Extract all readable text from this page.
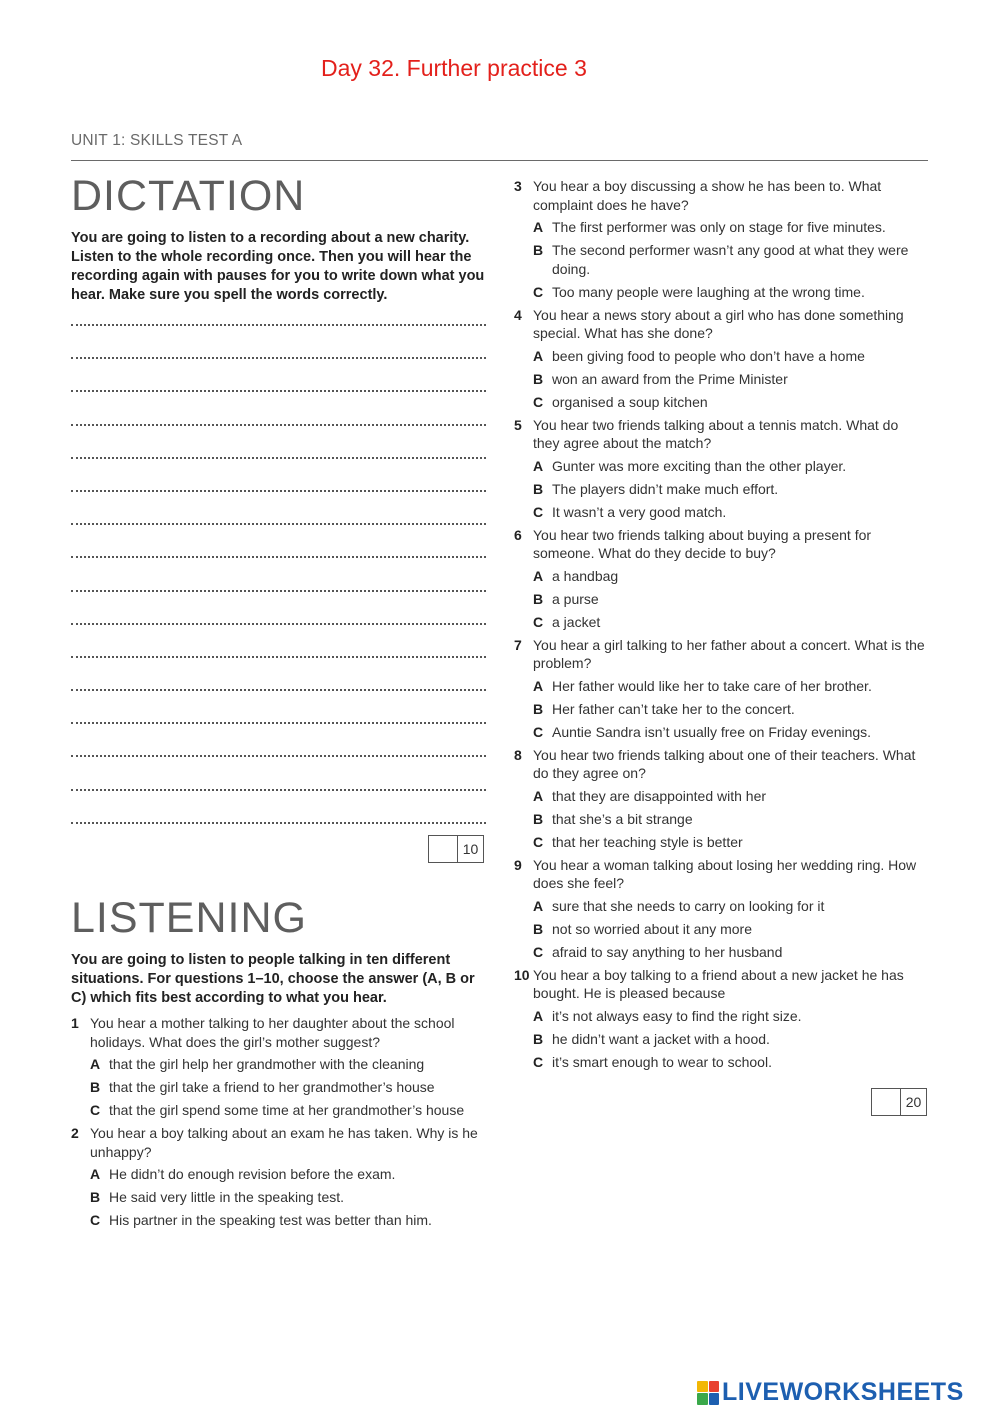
Day 32. Further practice 3
UNIT 1: SKILLS TEST A
DICTATION
You are going to listen to a recording about a new charity. Listen to the whole recording once. Then you will hear the recording again with pauses for you to write down what you hear. Make sure you spell the words correctly.
10
LISTENING
You are going to listen to people talking in ten different situations. For questions 1–10, choose the answer (A, B or C) which fits best according to what you hear.
1 You hear a mother talking to her daughter about the school holidays. What does the girl’s mother suggest?
A that the girl help her grandmother with the cleaning
B that the girl take a friend to her grandmother’s house
C that the girl spend some time at her grandmother’s house
2 You hear a boy talking about an exam he has taken. Why is he unhappy?
A He didn’t do enough revision before the exam.
B He said very little in the speaking test.
C His partner in the speaking test was better than him.
3 You hear a boy discussing a show he has been to. What complaint does he have?
A The first performer was only on stage for five minutes.
B The second performer wasn’t any good at what they were doing.
C Too many people were laughing at the wrong time.
4 You hear a news story about a girl who has done something special. What has she done?
A been giving food to people who don’t have a home
B won an award from the Prime Minister
C organised a soup kitchen
5 You hear two friends talking about a tennis match. What do they agree about the match?
A Gunter was more exciting than the other player.
B The players didn’t make much effort.
C It wasn’t a very good match.
6 You hear two friends talking about buying a present for someone. What do they decide to buy?
A a handbag
B a purse
C a jacket
7 You hear a girl talking to her father about a concert. What is the problem?
A Her father would like her to take care of her brother.
B Her father can’t take her to the concert.
C Auntie Sandra isn’t usually free on Friday evenings.
8 You hear two friends talking about one of their teachers. What do they agree on?
A that they are disappointed with her
B that she’s a bit strange
C that her teaching style is better
9 You hear a woman talking about losing her wedding ring. How does she feel?
A sure that she needs to carry on looking for it
B not so worried about it any more
C afraid to say anything to her husband
10 You hear a boy talking to a friend about a new jacket he has bought. He is pleased because
A it’s not always easy to find the right size.
B he didn’t want a jacket with a hood.
C it’s smart enough to wear to school.
20
LIVEWORKSHEETS
